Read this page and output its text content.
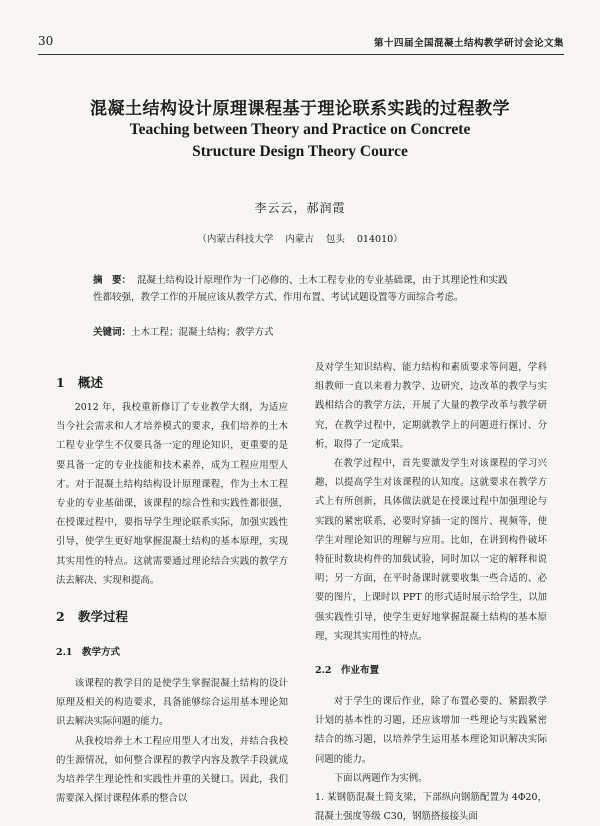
30	第十四届全国混凝土结构教学研讨会论文集
混凝土结构设计原理课程基于理论联系实践的过程教学
Teaching between Theory and Practice on Concrete
Structure Design Theory Cource
李云云，郝润霞
（内蒙古科技大学 内蒙古 包头 014010）
摘　要： 混凝土结构设计原理作为一门必修的、土木工程专业的专业基础课，由于其理论性和实践性都较强，教学工作的开展应该从教学方式、作用布置、考试试题设置等方面综合考虑。
关键词：土木工程；混凝土结构；教学方式
1 概述

2012 年，我校重新修订了专业教学大纲，为适应当今社会需求和人才培养模式的要求，我们培养的土木工程专业学生不仅要具备一定的理论知识，更重要的是要具备一定的专业技能和技术素养，成为工程应用型人才。对于混凝土结构结构设计原理课程，作为土木工程专业的专业基础课，该课程的综合性和实践性都很强，在授课过程中，要指导学生理论联系实际，加强实践性引导，使学生更好地掌握混凝土结构的基本原理，实现其实用性的特点。这就需要通过理论结合实践的教学方法去解决、实现和提高。

2 教学过程
2.1 教学方式

该课程的教学目的是使学生掌握混凝土结构的设计原理及相关的构造要求，具备能够综合运用基本理论知识去解决实际问题的能力。

从我校培养土木工程应用型人才出发，并结合我校的生源情况，如何整合课程的教学内容及教学手段就成为培养学生理论性和实践性并重的关键口。因此，我们需要深入探讨课程体系的整合以

及对学生知识结构、能力结构和素质要求等问题，学科组教师一直以来着力教学、边研究，边改革的教学与实践相结合的教学方法，开展了大量的教学改革与教学研究，在教学过程中，定期就教学上的问题进行探讨、分析，取得了一定成果。

在教学过程中，首先要激发学生对该课程的学习兴趣，以提高学生对该课程的认知度。这就要求在教学方式上有所创新，具体做法就是在授课过程中加强理论与实践的紧密联系，必要时穿插一定的图片、视频等，使学生对理论知识的理解与应用。比如，在讲到构件破坏特征时数块构件的加载试验，同时加以一定的解释和说明；另一方面，在平时备课时就要收集一些合适的、必要的图片，上课时以 PPT 的形式适时展示给学生，以加强实践性引导，使学生更好地掌握混凝土结构的基本原理，实现其实用性的特点。

2.2 作业布置

对于学生的课后作业，除了布置必要的、紧跟教学计划的基本性的习题，还应该增加一些理论与实践紧密结合的练习题，以培养学生运用基本理论知识解决实际问题的能力。

下面以两题作为实例。

1. 某钢筋混凝土简支梁，下部纵向钢筋配置为 4Φ20，混凝土强度等级 C30，钢筋搭接接头面
